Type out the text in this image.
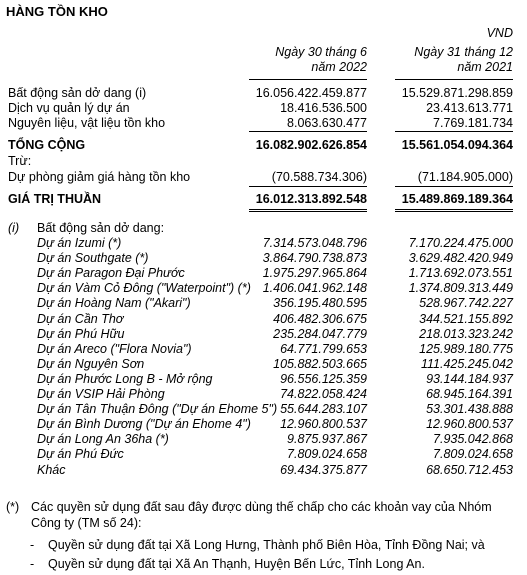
HÀNG TỒN KHO
VND
Ngày 30 tháng 6
năm 2022
Ngày 31 tháng 12
năm 2021
Bất động sản dở dang (i)	16.056.422.459.877	15.529.871.298.859
Dịch vụ quản lý dự án	18.416.536.500	23.413.613.771
Nguyên liệu, vật liệu tồn kho	8.063.630.477	7.769.181.734
TỔNG CỘNG	16.082.902.626.854	15.561.054.094.364
Trừ:
Dự phòng giảm giá hàng tồn kho	(70.588.734.306)	(71.184.905.000)
GIÁ TRỊ THUẦN	16.012.313.892.548	15.489.869.189.364
(i) Bất động sản dở dang:
Dự án Izumi (*)	7.314.573.048.796	7.170.224.475.000
Dự án Southgate (*)	3.864.790.738.873	3.629.482.420.949
Dự án Paragon Đại Phước	1.975.297.965.864	1.713.692.073.551
Dự án Vàm Cỏ Đông ("Waterpoint") (*) 1.406.041.962.148	1.374.809.313.449
Dự án Hoàng Nam ("Akari")	356.195.480.595	528.967.742.227
Dự án Cần Thơ	406.482.306.675	344.521.155.892
Dự án Phú Hữu	235.284.047.779	218.013.323.242
Dự án Areco ("Flora Novia")	64.771.799.653	125.989.180.775
Dự án Nguyên Sơn	105.882.503.665	111.425.245.042
Dự án Phước Long B - Mở rộng	96.556.125.359	93.144.184.937
Dự án VSIP Hải Phòng	74.822.058.424	68.945.164.391
Dự án Tân Thuận Đông ("Dự án Ehome 5") 55.644.283.107	53.301.438.888
Dự án Bình Dương ("Dự án Ehome 4") 12.960.800.537	12.960.800.537
Dự án Long An 36ha (*)	9.875.937.867	7.935.042.868
Dự án Phú Đức	7.809.024.658	7.809.024.658
Khác	69.434.375.877	68.650.712.453
(*) Các quyền sử dụng đất sau đây được dùng thế chấp cho các khoản vay của Nhóm Công ty (TM số 24):
- Quyền sử dụng đất tại Xã Long Hưng, Thành phố Biên Hòa, Tỉnh Đồng Nai; và
- Quyền sử dụng đất tại Xã An Thạnh, Huyện Bến Lức, Tỉnh Long An.
